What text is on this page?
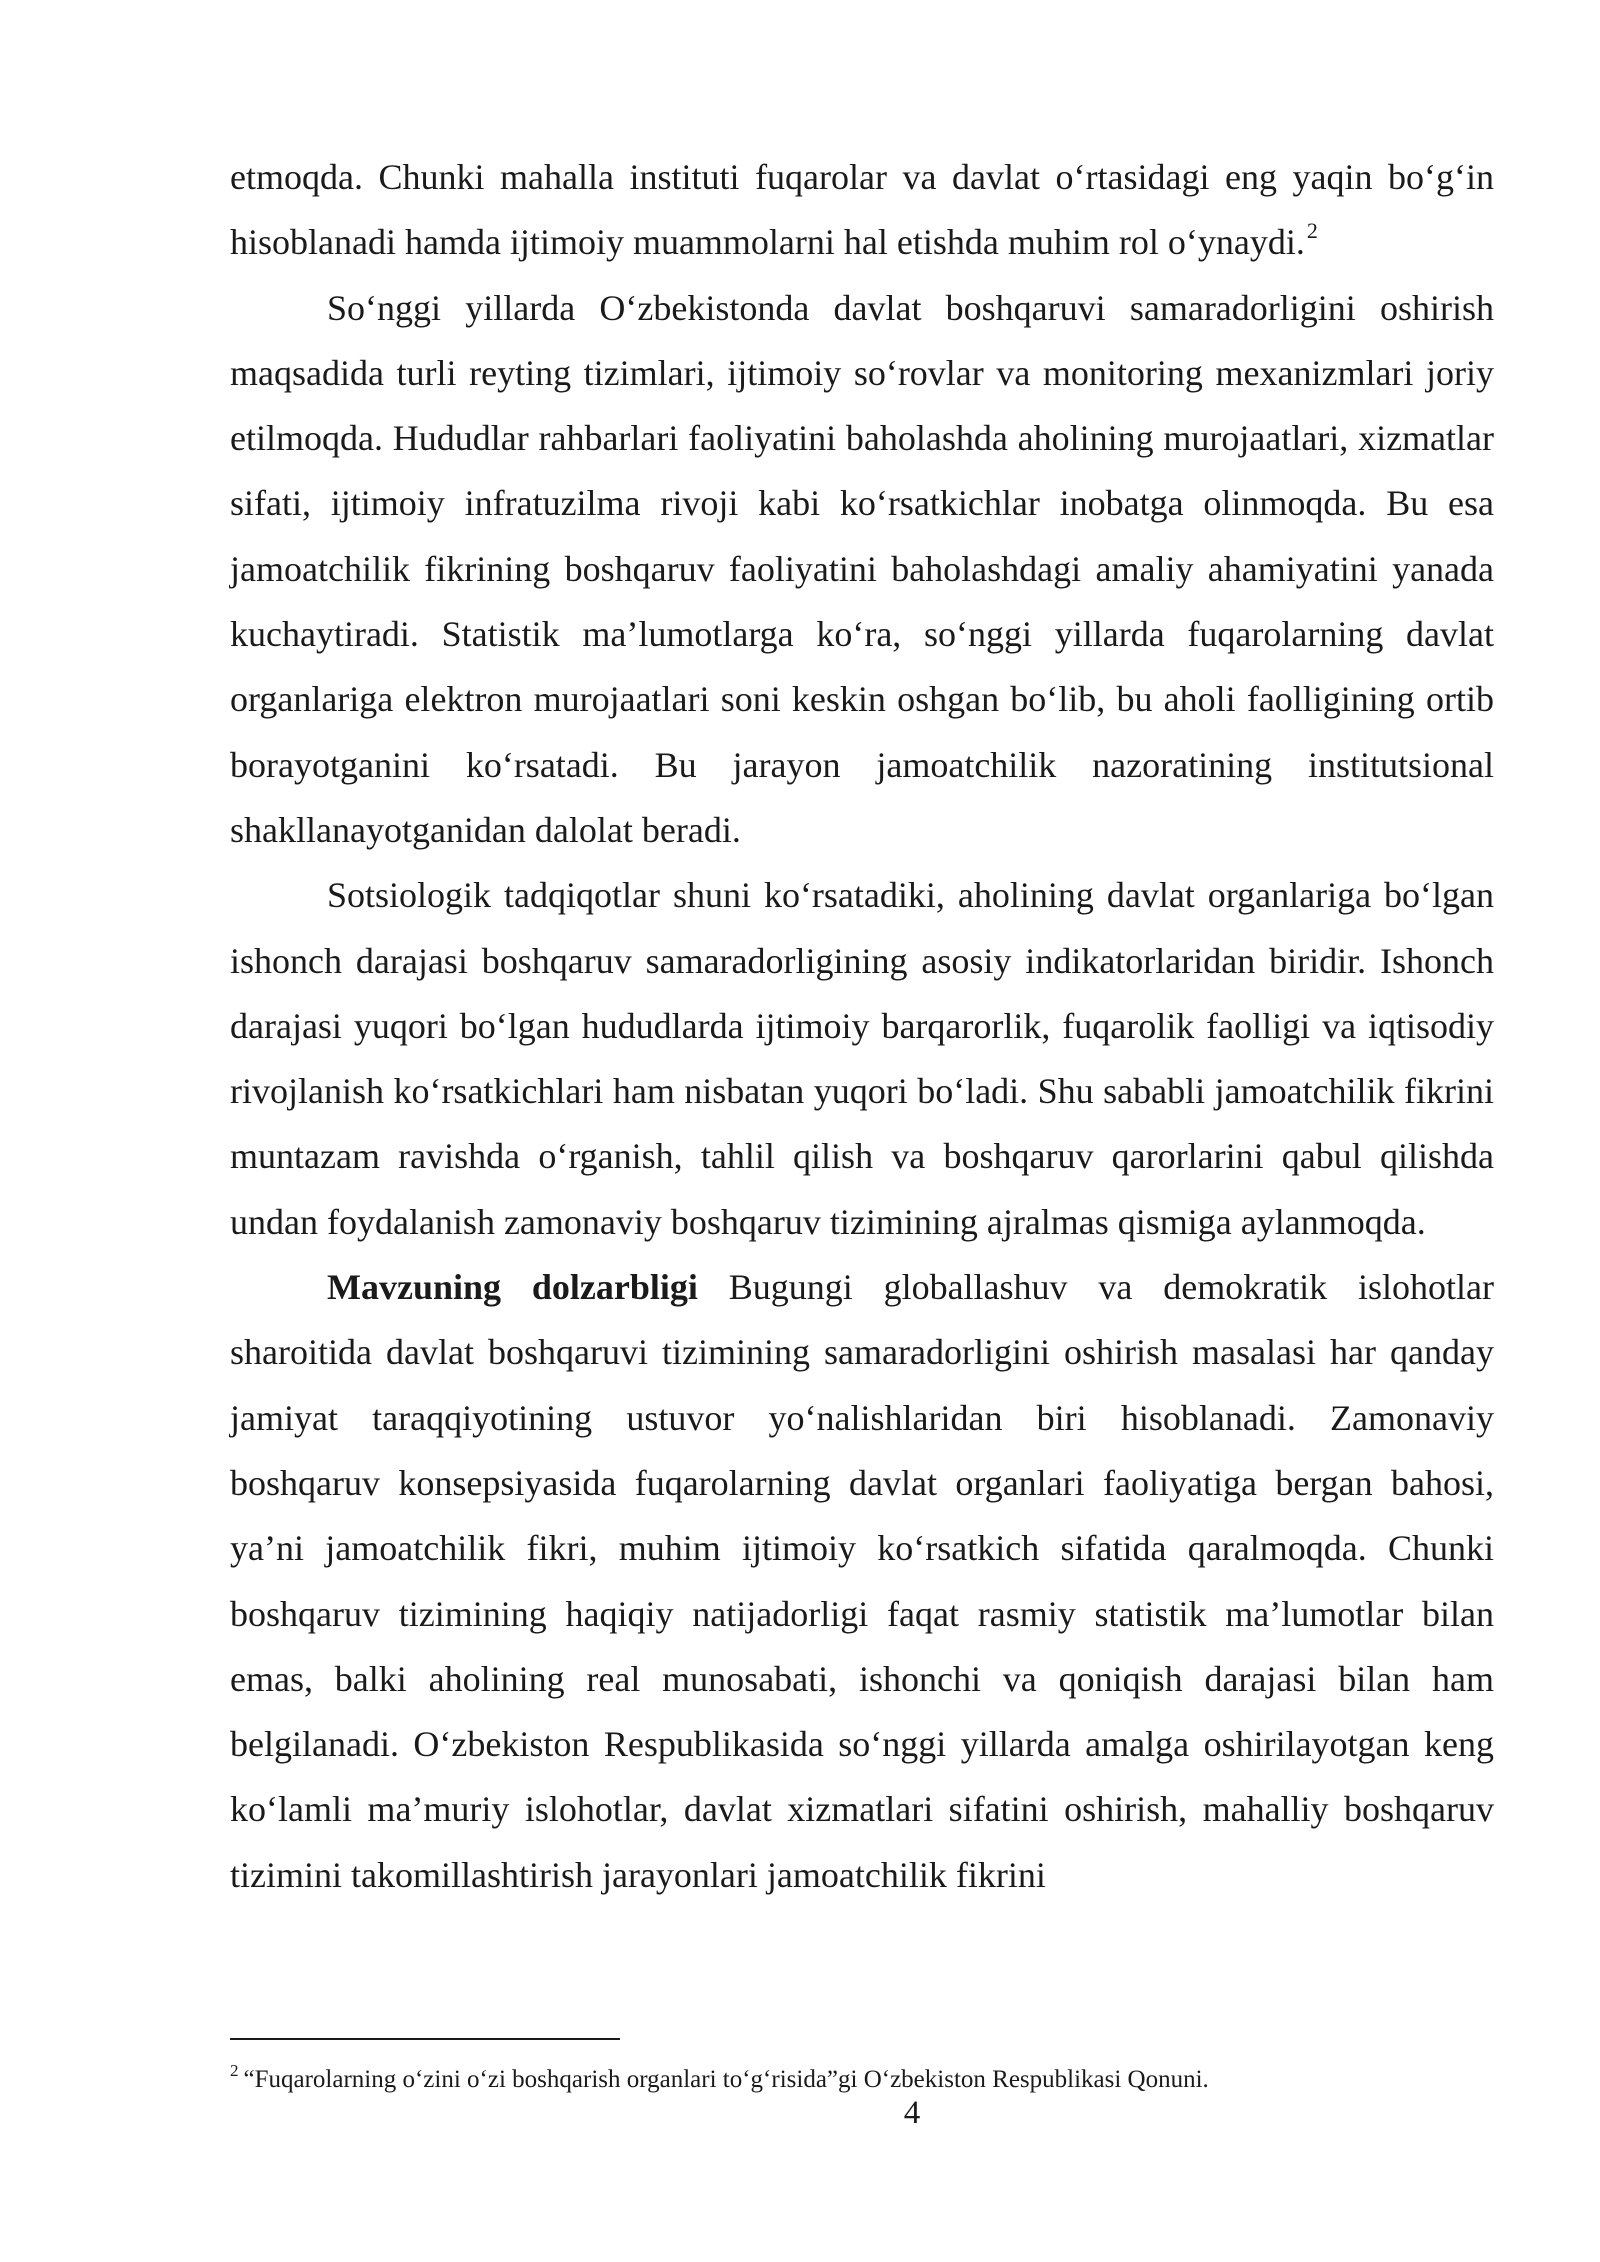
etmoqda. Chunki mahalla instituti fuqarolar va davlat o‘rtasidagi eng yaqin bo‘g‘in hisoblanadi hamda ijtimoiy muammolarni hal etishda muhim rol o‘ynaydi.$^2$

So‘nggi yillarda O‘zbekistonda davlat boshqaruvi samaradorligini oshirish maqsadida turli reyting tizimlari, ijtimoiy so‘rovlar va monitoring mexanizmlari joriy etilmoqda. Hududlar rahbarlari faoliyatini baholashda aholining murojaatlari, xizmatlar sifati, ijtimoiy infratuzilma rivoji kabi ko‘rsatkichlar inobatga olinmoqda. Bu esa jamoatchilik fikrining boshqaruv faoliyatini baholashdagi amaliy ahamiyatini yanada kuchaytiradi. Statistik ma’lumotlarga ko‘ra, so‘nggi yillarda fuqarolarning davlat organlariga elektron murojaatlari soni keskin oshgan bo‘lib, bu aholi faolligining ortib borayotganini ko‘rsatadi. Bu jarayon jamoatchilik nazoratining institutsional shakllanayotganidan dalolat beradi.

Sotsiologik tadqiqotlar shuni ko‘rsatadiki, aholining davlat organlariga bo‘lgan ishonch darajasi boshqaruv samaradorligining asosiy indikatorlaridan biridir. Ishonch darajasi yuqori bo‘lgan hududlarda ijtimoiy barqarorlik, fuqarolik faolligi va iqtisodiy rivojlanish ko‘rsatkichlari ham nisbatan yuqori bo‘ladi. Shu sababli jamoatchilik fikrini muntazam ravishda o‘rganish, tahlil qilish va boshqaruv qarorlarini qabul qilishda undan foydalanish zamonaviy boshqaruv tizimining ajralmas qismiga aylanmoqda.

Mavzuning dolzarbligi Bugungi globallashuv va demokratik islohotlar sharoitida davlat boshqaruvi tizimining samaradorligini oshirish masalasi har qanday jamiyat taraqqiyotining ustuvor yo‘nalishlaridan biri hisoblanadi. Zamonaviy boshqaruv konsepsiyasida fuqarolarning davlat organlari faoliyatiga bergan bahosi, ya’ni jamoatchilik fikri, muhim ijtimoiy ko‘rsatkich sifatida qaralmoqda. Chunki boshqaruv tizimining haqiqiy natijadorligi faqat rasmiy statistik ma’lumotlar bilan emas, balki aholining real munosabati, ishonchi va qoniqish darajasi bilan ham belgilanadi. O‘zbekiston Respublikasida so‘nggi yillarda amalga oshirilayotgan keng ko‘lamli ma’muriy islohotlar, davlat xizmatlari sifatini oshirish, mahalliy boshqaruv tizimini takomillashtirish jarayonlari jamoatchilik fikrini

$^2$ “Fuqarolarning o‘zini o‘zi boshqarish organlari to‘g‘risida”gi O‘zbekiston Respublikasi Qonuni.
4
